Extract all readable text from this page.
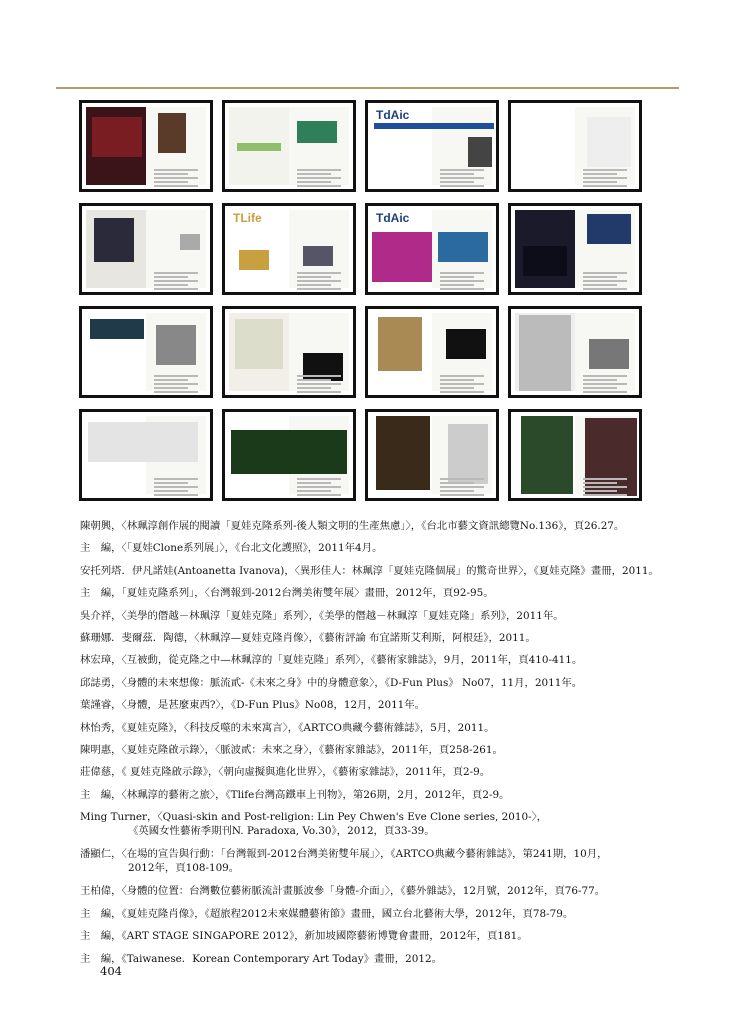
TdAic
TLife	TdAic
陳朝興，〈林珮淳創作展的閱讀「夏娃克隆系列-後人類文明的生產焦慮」〉，《台北市藝文資訊總覽No.136》，頁26.27。
主　編，〈「夏娃Clone系列展」〉，《台北文化護照》，2011年4月。
安托列塔．伊凡諾娃(Antoanetta Ivanova)，〈異形佳人：林珮淳「夏娃克隆個展」的驚奇世界〉，《夏娃克隆》畫冊，2011。
主　編，「夏娃克隆系列」，〈台灣報到-2012台灣美術雙年展〉畫冊，2012年，頁92-95。
吳介祥，〈美學的僭越－林珮淳「夏娃克隆」系列〉，《美學的僭越－林珮淳「夏娃克隆」系列》，2011年。
蘇珊娜．斐爾茲．陶德，〈林珮淳—夏娃克隆肖像〉，《藝術評論 布宜諾斯艾利斯，阿根廷》，2011。
林宏璋，〈互被動，從克隆之中—林珮淳的「夏娃克隆」系列〉，《藝術家雜誌》，9月，2011年，頁410-411。
邱誌勇，〈身體的未來想像：脈流貳-《未來之身》中的身體意象〉，《D-Fun Plus》 No07，11月，2011年。
葉謹睿，〈身體，是甚麼東西?〉，《D-Fun Plus》No08，12月，2011年。
林怡秀，《夏娃克隆》，〈科技反噬的未來寓言〉，《ARTCO典藏今藝術雜誌》，5月，2011。
陳明惠，〈夏娃克隆啟示錄〉，〈脈波貳：未來之身〉，《藝術家雜誌》，2011年，頁258-261。
莊偉慈，《 夏娃克隆啟示錄》，〈朝向虛擬與進化世界〉，《藝術家雜誌》，2011年，頁2-9。
主　編，〈林珮淳的藝術之旅〉，《Tlife台灣高鐵車上刊物》，第26期，2月，2012年，頁2-9。
Ming Turner，〈Quasi-skin and Post-religion: Lin Pey Chwen's Eve Clone series, 2010-〉，
《英國女性藝術季期刊N. Paradoxa, Vo.30》，2012，頁33-39。
潘顯仁，〈在場的宣告與行動：「台灣報到-2012台灣美術雙年展」〉，《ARTCO典藏今藝術雜誌》，第241期，10月，
2012年，頁108-109。
王柏偉，〈身體的位置：台灣數位藝術脈流計畫脈波參「身體-介面」〉，《藝外雜誌》，12月號，2012年，頁76-77。
主　編，《夏娃克隆肖像》，《超旅程2012未來媒體藝術節》畫冊，國立台北藝術大學，2012年，頁78-79。
主　編，《ART STAGE SINGAPORE 2012》，新加坡國際藝術博覽會畫冊，2012年，頁181。
主　編，《Taiwanese．Korean Contemporary Art Today》畫冊，2012。
404
